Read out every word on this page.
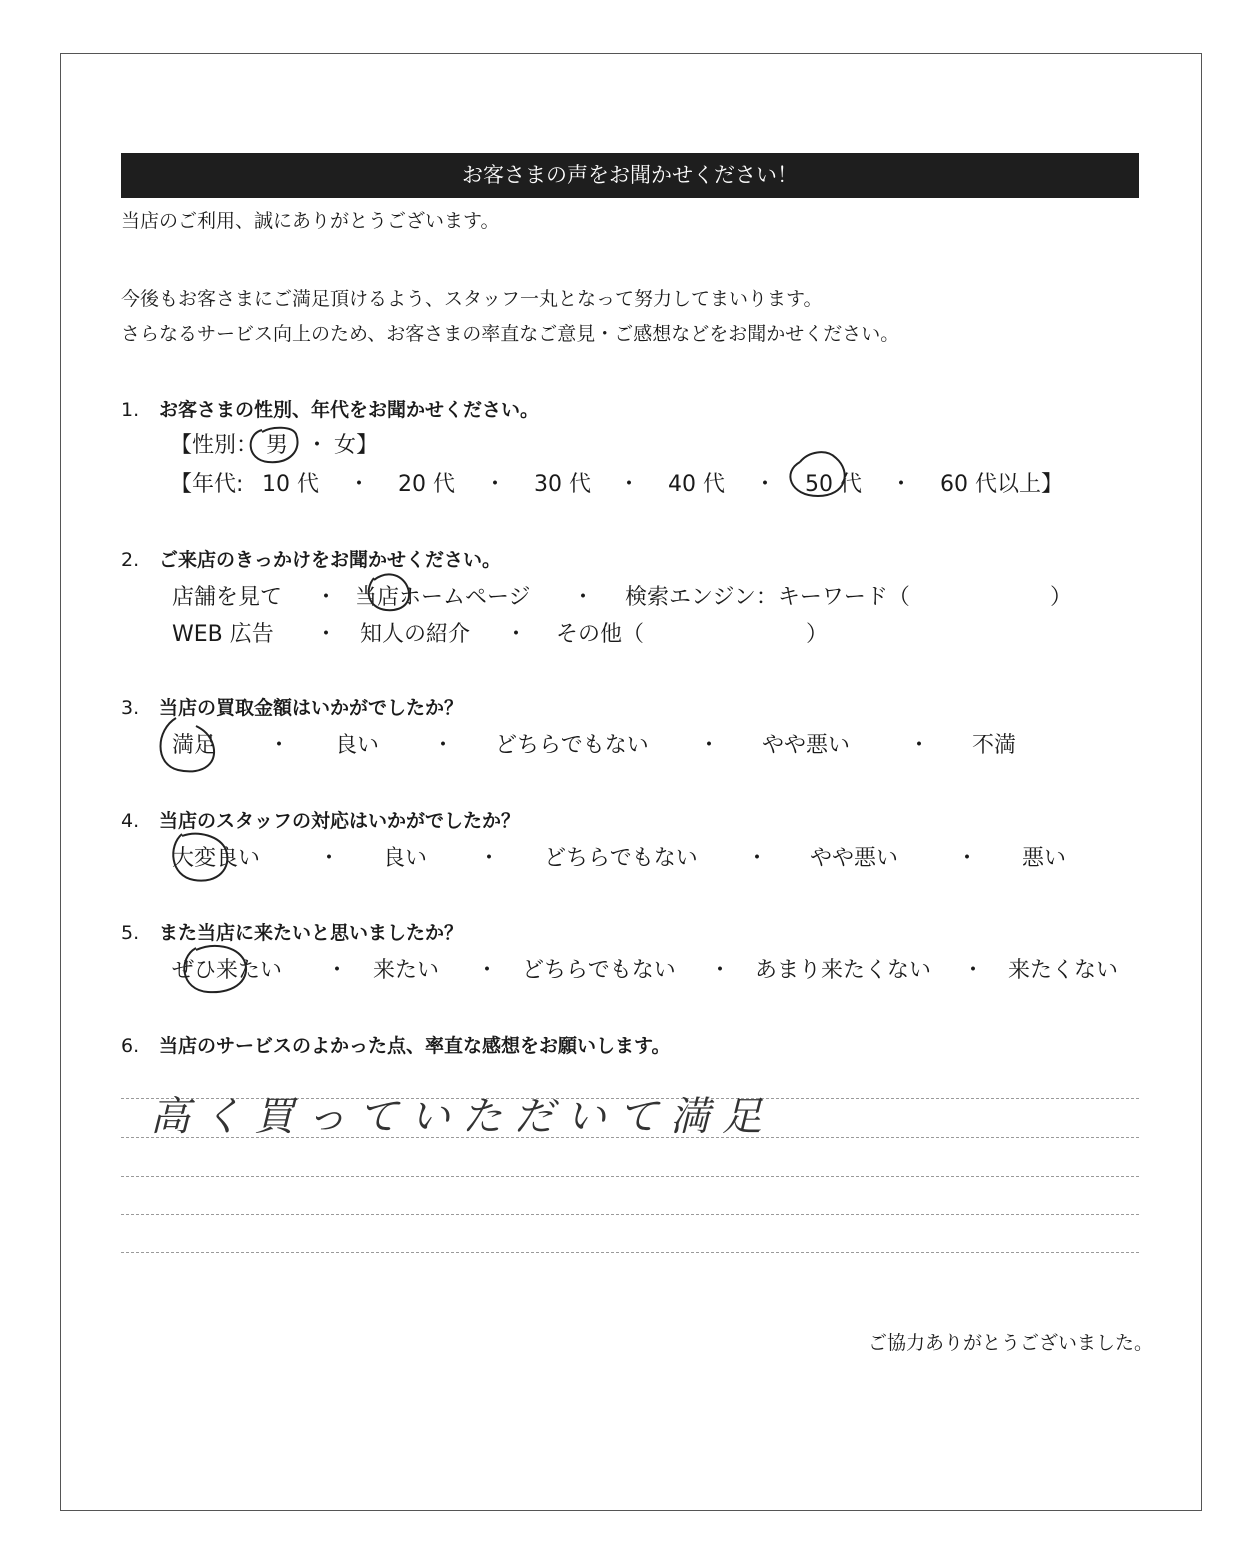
お客さまの声をお聞かせください！
当店のご利用、誠にありがとうございます。
今後もお客さまにご満足頂けるよう、スタッフ一丸となって努力してまいります。
さらなるサービス向上のため、お客さまの率直なご意見・ご感想などをお聞かせください。
1. お客さまの性別、年代をお聞かせください。
【性別： 男 ・ 女】
【年代: 10 代 ・ 20 代 ・ 30 代 ・ 40 代 ・ 50 代 ・ 60 代以上】
2. ご来店のきっかけをお聞かせください。
店舗を見て ・ 当店ホームページ ・ 検索エンジン：キーワード（	）
WEB 広告 ・ 知人の紹介 ・ その他（	）
3. 当店の買取金額はいかがでしたか？
満足 ・ 良い ・ どちらでもない ・ やや悪い	・ 不満
4. 当店のスタッフの対応はいかがでしたか？
大変良い	・ 良い ・ どちらでもない ・ やや悪い	・ 悪い
5. また当店に来たいと思いましたか？
ぜひ来たい ・ 来たい ・ どちらでもない ・ あまり来たくない ・ 来たくない
6. 当店のサービスのよかった点、率直な感想をお願いします。
高く買っていただいて満足
ご協力ありがとうございました。
